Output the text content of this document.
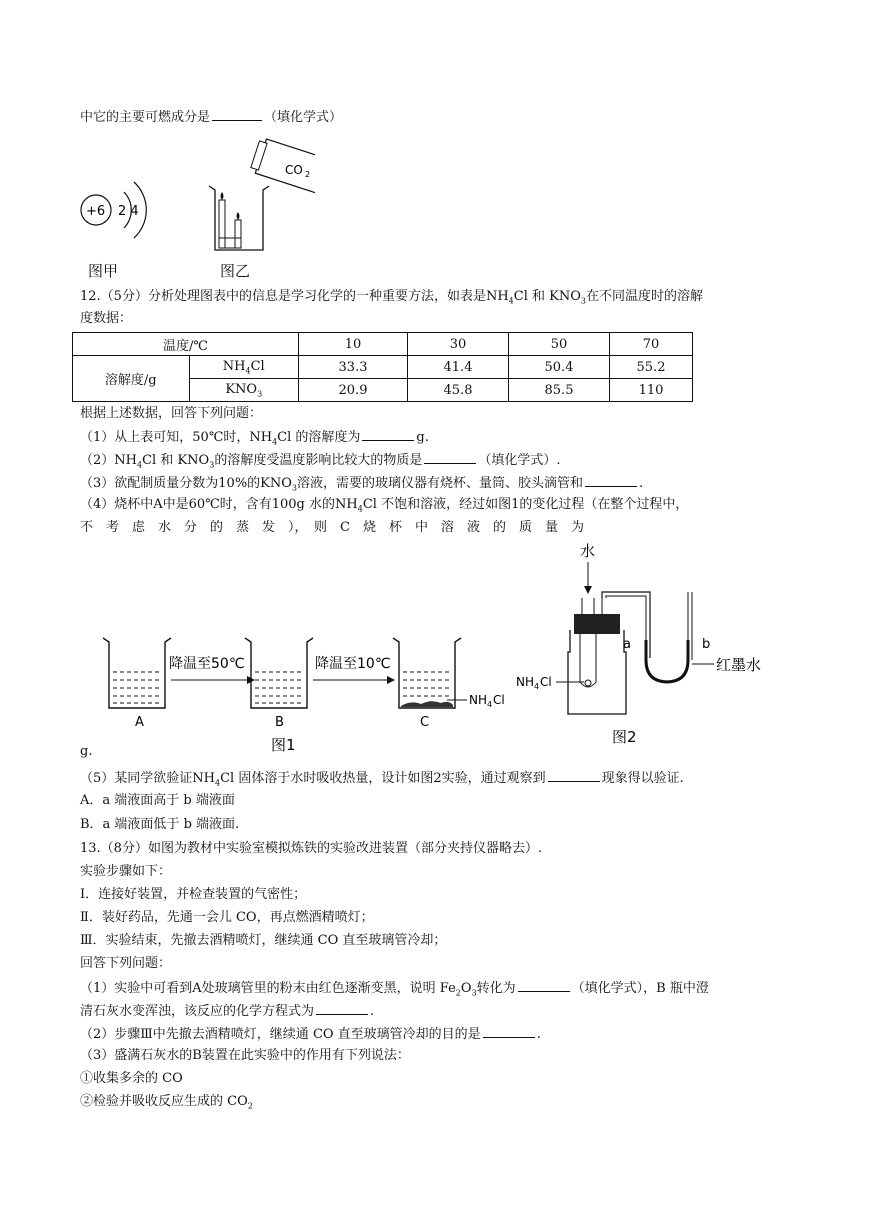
中它的主要可燃成分是	（填化学式）
+6 2 4
图甲
CO 2
图乙
12.（5分）分析处理图表中的信息是学习化学的一种重要方法，如表是$NH_4Cl$ 和 $KNO_3$在不同温度时的溶解
度数据：
温度/℃		10	30	50	70
溶解度/g	$NH_4Cl$	33.3	41.4	50.4	55.2
	$KNO_3$	20.9	45.8	85.5	110
根据上述数据，回答下列问题：
（1）从上表可知，50℃时，$NH_4Cl$ 的溶解度为	g.
$(2)NH_4Cl$ 和 $KNO_3$的溶解度受温度影响比较大的物质是	（填化学式）.
（3）欲配制质量分数为10%的$KNO_3$溶液，需要的玻璃仪器有烧杯、量筒、胶头滴管和	.
（4）烧杯中A中是60℃时，含有100g 水的$NH_4Cl$ 不饱和溶液，经过如图1的变化过程（在整个过程中，
不　考　虑　水　分　的　蒸　发　），　则　C　烧　杯　中　溶　液　的　质　量　为
降温至50℃	降温至10℃
NH 4 Cl
A	B	C
图1
水
a	b
红墨水
NH 4 Cl
图2
g.
（5）某同学欲验证$NH_4Cl$ 固体溶于水时吸收热量，设计如图2实验，通过观察到	现象得以验证.
A．a 端液面高于 b 端液面
B．a 端液面低于 b 端液面.
13.（8分）如图为教材中实验室模拟炼铁的实验改进装置（部分夹持仪器略去）.
实验步骤如下：
Ⅰ．连接好装置，并检查装置的气密性；
Ⅱ．装好药品，先通一会儿 CO，再点燃酒精喷灯；
Ⅲ．实验结束，先撤去酒精喷灯，继续通 CO 直至玻璃管冷却；
回答下列问题：
（1）实验中可看到A处玻璃管里的粉末由红色逐渐变黑，说明 $Fe_2O_3$转化为	（填化学式），B 瓶中澄
清石灰水变浑浊，该反应的化学方程式为	.
（2）步骤Ⅲ中先撤去酒精喷灯，继续通 CO 直至玻璃管冷却的目的是	.
（3）盛满石灰水的B装置在此实验中的作用有下列说法：
①收集多余的 CO
②检验并吸收反应生成的 $CO_2$
